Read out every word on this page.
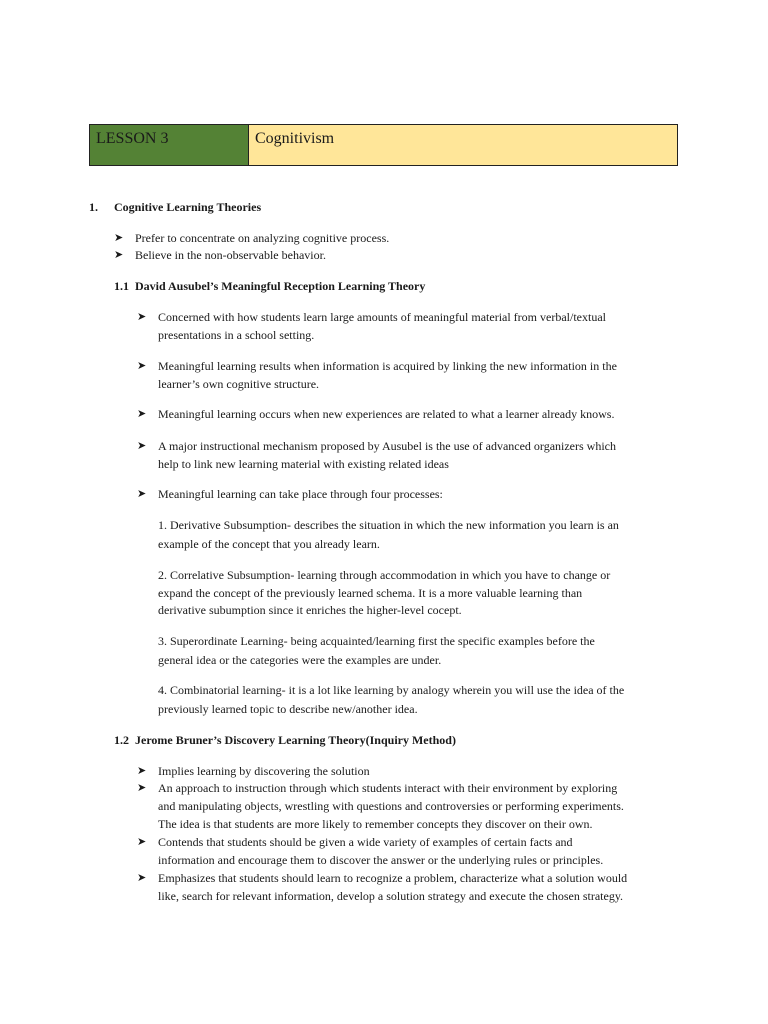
LESSON 3	Cognitivism
1. Cognitive Learning Theories
➤ Prefer to concentrate on analyzing cognitive process.
➤ Believe in the non-observable behavior.
1.1 David Ausubel’s Meaningful Reception Learning Theory
➤ Concerned with how students learn large amounts of meaningful material from verbal/textual
presentations in a school setting.
➤ Meaningful learning results when information is acquired by linking the new information in the
learner’s own cognitive structure.
➤ Meaningful learning occurs when new experiences are related to what a learner already knows.
➤ A major instructional mechanism proposed by Ausubel is the use of advanced organizers which
help to link new learning material with existing related ideas
➤ Meaningful learning can take place through four processes:
1. Derivative Subsumption- describes the situation in which the new information you learn is an
example of the concept that you already learn.
2. Correlative Subsumption- learning through accommodation in which you have to change or
expand the concept of the previously learned schema. It is a more valuable learning than
derivative subumption since it enriches the higher-level cocept.
3. Superordinate Learning- being acquainted/learning first the specific examples before the
general idea or the categories were the examples are under.
4. Combinatorial learning- it is a lot like learning by analogy wherein you will use the idea of the
previously learned topic to describe new/another idea.
1.2 Jerome Bruner’s Discovery Learning Theory(Inquiry Method)
➤ Implies learning by discovering the solution
➤ An approach to instruction through which students interact with their environment by exploring
and manipulating objects, wrestling with questions and controversies or performing experiments.
The idea is that students are more likely to remember concepts they discover on their own.
➤ Contends that students should be given a wide variety of examples of certain facts and
information and encourage them to discover the answer or the underlying rules or principles.
➤ Emphasizes that students should learn to recognize a problem, characterize what a solution would
like, search for relevant information, develop a solution strategy and execute the chosen strategy.
